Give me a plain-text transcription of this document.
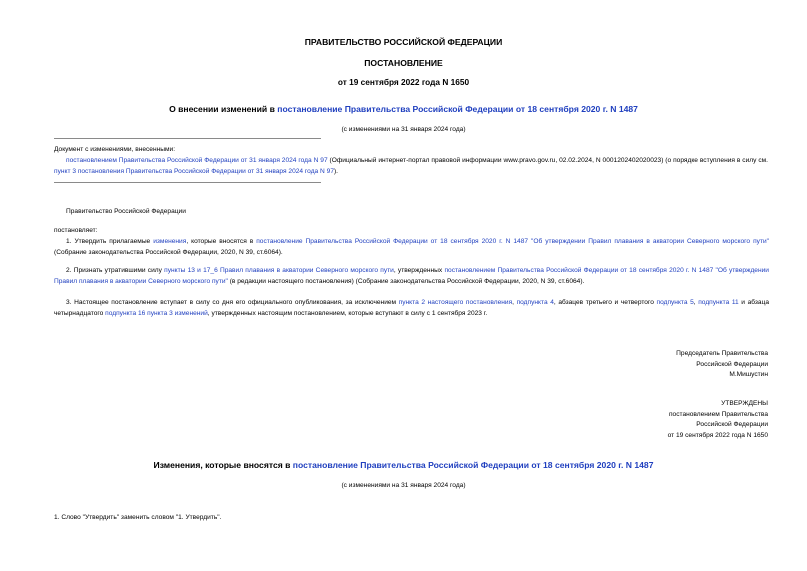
ПРАВИТЕЛЬСТВО РОССИЙСКОЙ ФЕДЕРАЦИИ
ПОСТАНОВЛЕНИЕ
от 19 сентября 2022 года N 1650
О внесении изменений в постановление Правительства Российской Федерации от 18 сентября 2020 г. N 1487
(с изменениями на 31 января 2024 года)
Документ с изменениями, внесенными:
постановлением Правительства Российской Федерации от 31 января 2024 года N 97 (Официальный интернет-портал правовой информации www.pravo.gov.ru, 02.02.2024, N 0001202402020023) (о порядке вступления в силу см. пункт 3 постановления Правительства Российской Федерации от 31 января 2024 года N 97).
Правительство Российской Федерации
постановляет:
1. Утвердить прилагаемые изменения, которые вносятся в постановление Правительства Российской Федерации от 18 сентября 2020 г. N 1487 "Об утверждении Правил плавания в акватории Северного морского пути" (Собрание законодательства Российской Федерации, 2020, N 39, ст.6064).
2. Признать утратившими силу пункты 13 и 17_6 Правил плавания в акватории Северного морского пути, утвержденных постановлением Правительства Российской Федерации от 18 сентября 2020 г. N 1487 "Об утверждении Правил плавания в акватории Северного морского пути" (в редакции настоящего постановления) (Собрание законодательства Российской Федерации, 2020, N 39, ст.6064).
3. Настоящее постановление вступает в силу со дня его официального опубликования, за исключением пункта 2 настоящего постановления, подпункта 4, абзацев третьего и четвертого подпункта 5, подпункта 11 и абзаца четырнадцатого подпункта 16 пункта 3 изменений, утвержденных настоящим постановлением, которые вступают в силу с 1 сентября 2023 г.
Председатель Правительства
Российской Федерации
М.Мишустин
УТВЕРЖДЕНЫ
постановлением Правительства
Российской Федерации
от 19 сентября 2022 года N 1650
Изменения, которые вносятся в постановление Правительства Российской Федерации от 18 сентября 2020 г. N 1487
(с изменениями на 31 января 2024 года)
1. Слово "Утвердить" заменить словом "1. Утвердить".
